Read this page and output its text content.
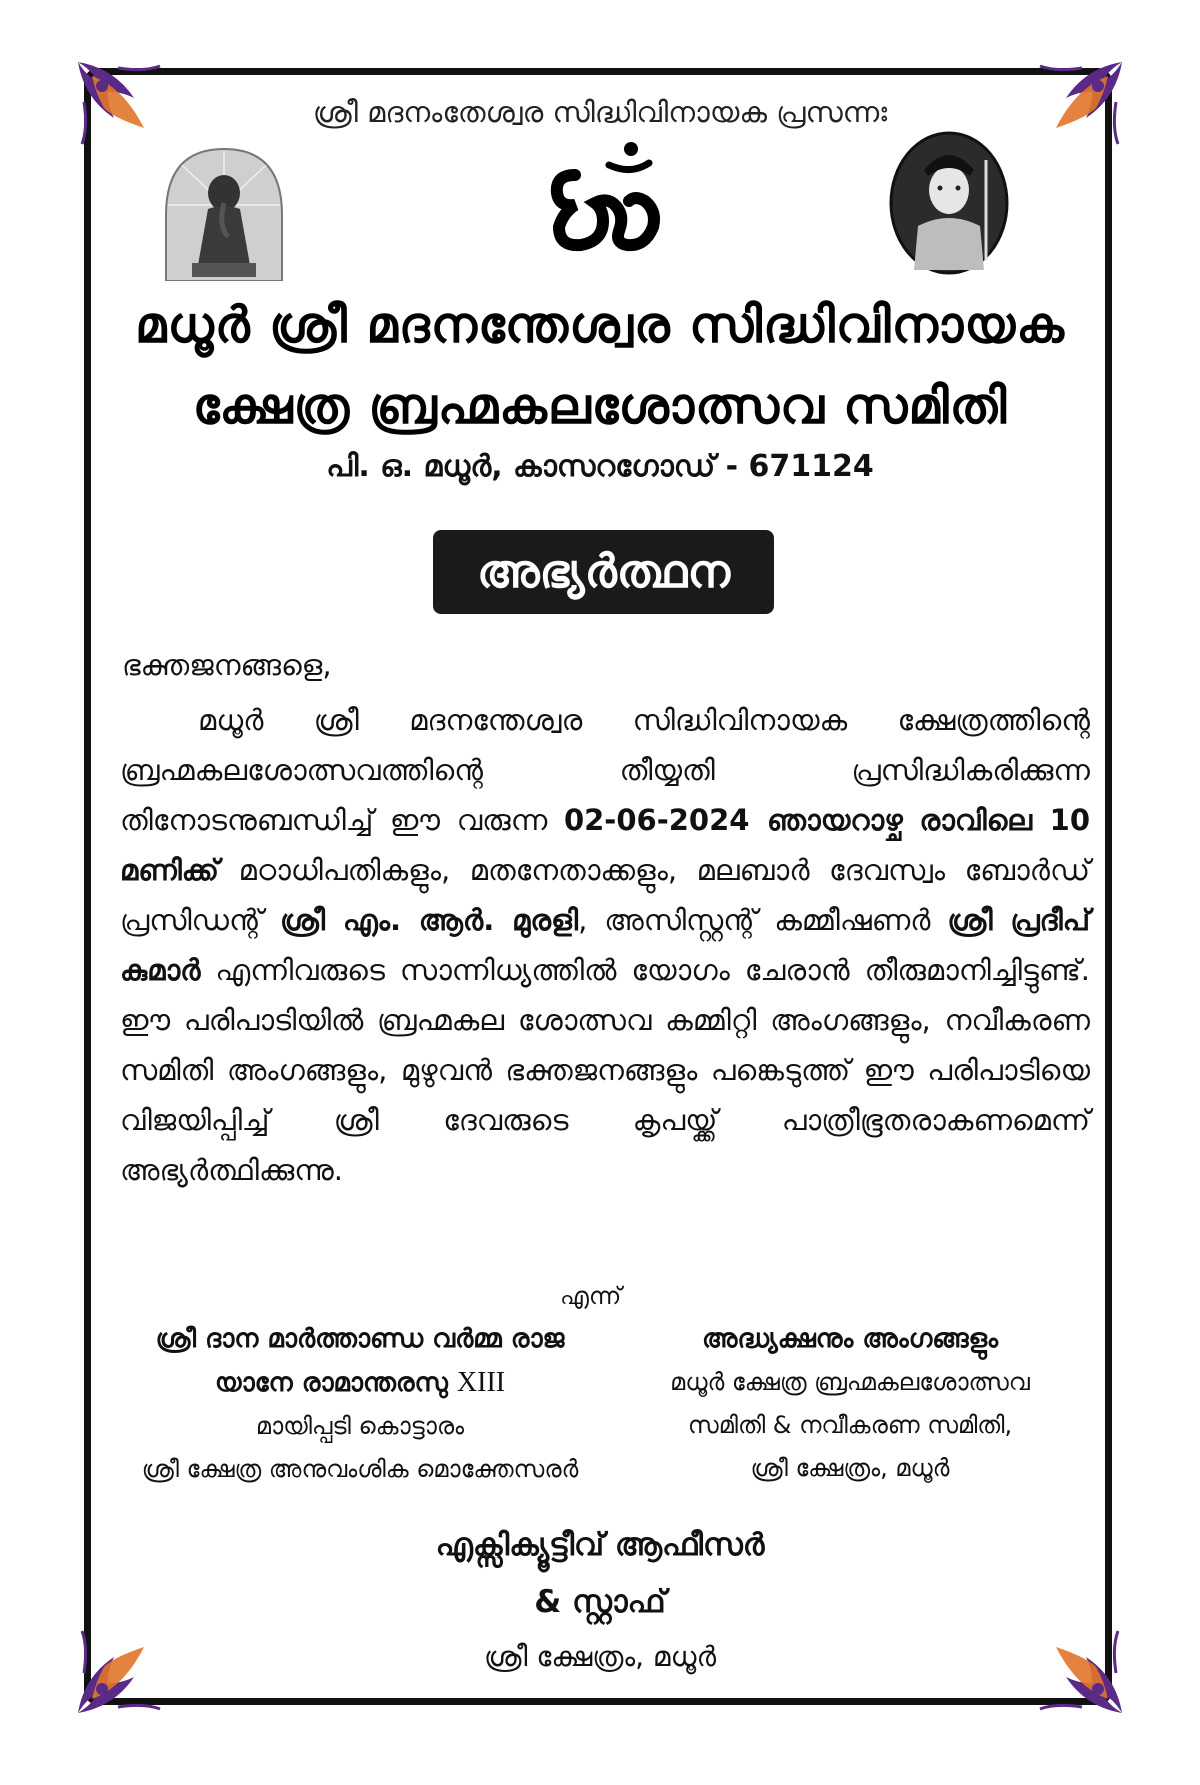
ശ്രീ മദനംതേശ്വര സിദ്ധിവിനായക പ്രസന്നഃ
മധൂർ ശ്രീ മദനന്തേശ്വര സിദ്ധിവിനായക
ക്ഷേത്ര ബ്രഹ്മകലശോത്സവ സമിതി
പി. ഒ. മധൂർ, കാസറഗോഡ് - 671124
അഭ്യർത്ഥന
ഭക്തജനങ്ങളെ,

മധൂർ ശ്രീ മദനന്തേശ്വര സിദ്ധിവിനായക ക്ഷേത്രത്തിന്റെ ബ്രഹ്മകലശോത്സവത്തിന്റെ തീയ്യതി പ്രസിദ്ധികരിക്കുന്ന തിനോടനുബന്ധിച്ച് ഈ വരുന്ന 02-06-2024 ഞായറാഴ്ച രാവിലെ 10 മണിക്ക് മഠാധിപതികളും, മതനേതാക്കളും, മലബാർ ദേവസ്വം ബോർഡ് പ്രസിഡന്റ് ശ്രീ എം. ആർ. മുരളി, അസിസ്റ്റന്റ് കമ്മീഷണർ ശ്രീ പ്രദീപ് കുമാർ എന്നിവരുടെ സാന്നിധ്യത്തിൽ യോഗം ചേരാൻ തീരുമാനിച്ചിട്ടുണ്ട്. ഈ പരിപാടിയിൽ ബ്രഹ്മകല ശോത്സവ കമ്മിറ്റി അംഗങ്ങളും, നവീകരണ സമിതി അംഗങ്ങളും, മുഴുവൻ ഭക്തജനങ്ങളും പങ്കെടുത്ത് ഈ പരിപാടിയെ വിജയിപ്പിച്ച് ശ്രീ ദേവരുടെ കൃപയ്ക്ക് പാത്രീഭൂതരാകണമെന്ന് അഭ്യർത്ഥിക്കുന്നു.

എന്ന്
ശ്രീ ദാന മാർത്താണ്ഡ വർമ്മ രാജ
യാനേ രാമാന്തരസു XIII
മായിപ്പടി കൊട്ടാരം
ശ്രീ ക്ഷേത്ര അനുവംശിക മൊക്തേസരർ
അദ്ധ്യക്ഷനും അംഗങ്ങളും
മധൂർ ക്ഷേത്ര ബ്രഹ്മകലശോത്സവ
സമിതി & നവീകരണ സമിതി,
ശ്രീ ക്ഷേത്രം, മധൂർ
എക്സിക്യൂട്ടീവ് ആഫീസർ
& സ്റ്റാഫ്
ശ്രീ ക്ഷേത്രം, മധൂർ
